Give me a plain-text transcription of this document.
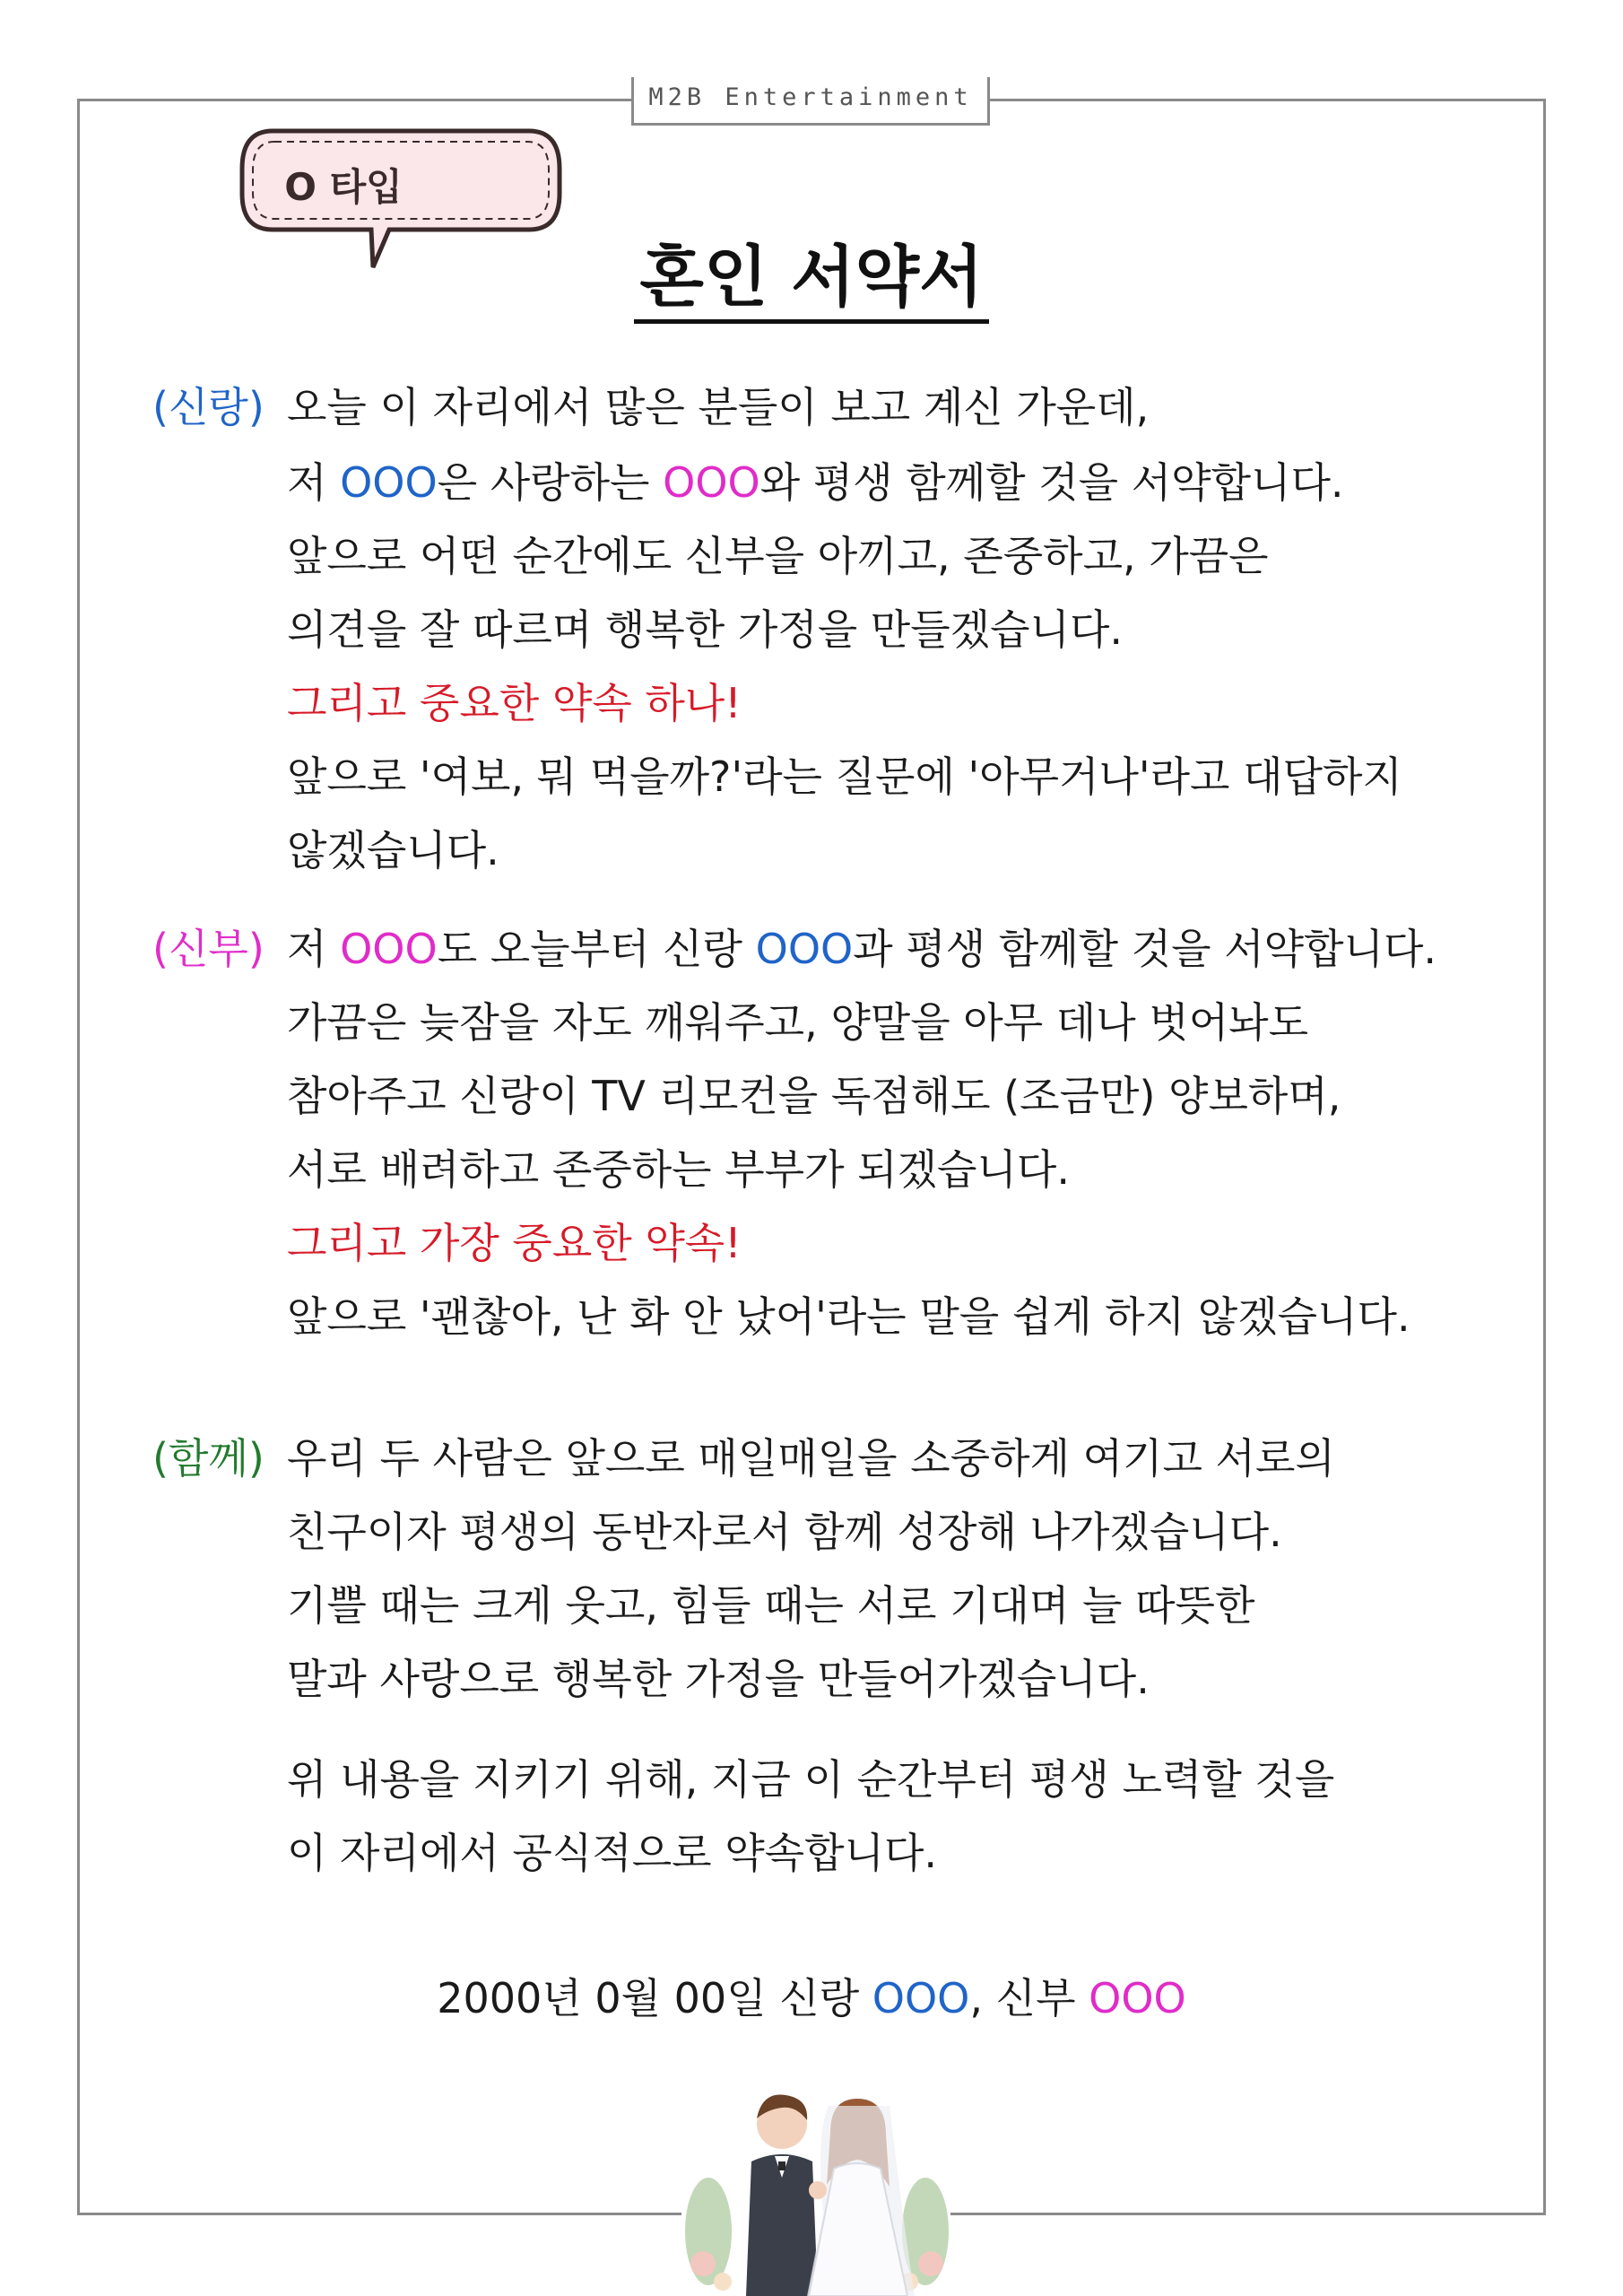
M2B Entertainment
O 타입
혼인 서약서
(신랑) 오늘 이 자리에서 많은 분들이 보고 계신 가운데,
저 OOO은 사랑하는 OOO와 평생 함께할 것을 서약합니다.
앞으로 어떤 순간에도 신부을 아끼고, 존중하고, 가끔은
의견을 잘 따르며 행복한 가정을 만들겠습니다.
그리고 중요한 약속 하나!
앞으로 '여보, 뭐 먹을까?'라는 질문에 '아무거나'라고 대답하지
않겠습니다.
(신부) 저 OOO도 오늘부터 신랑 OOO과 평생 함께할 것을 서약합니다.
가끔은 늦잠을 자도 깨워주고, 양말을 아무 데나 벗어놔도
참아주고 신랑이 TV 리모컨을 독점해도 (조금만) 양보하며,
서로 배려하고 존중하는 부부가 되겠습니다.
그리고 가장 중요한 약속!
앞으로 '괜찮아, 난 화 안 났어'라는 말을 쉽게 하지 않겠습니다.
(함께) 우리 두 사람은 앞으로 매일매일을 소중하게 여기고 서로의
친구이자 평생의 동반자로서 함께 성장해 나가겠습니다.
기쁠 때는 크게 웃고, 힘들 때는 서로 기대며 늘 따뜻한
말과 사랑으로 행복한 가정을 만들어가겠습니다.
위 내용을 지키기 위해, 지금 이 순간부터 평생 노력할 것을
이 자리에서 공식적으로 약속합니다.
2000년 0월 00일 신랑 OOO, 신부 OOO
